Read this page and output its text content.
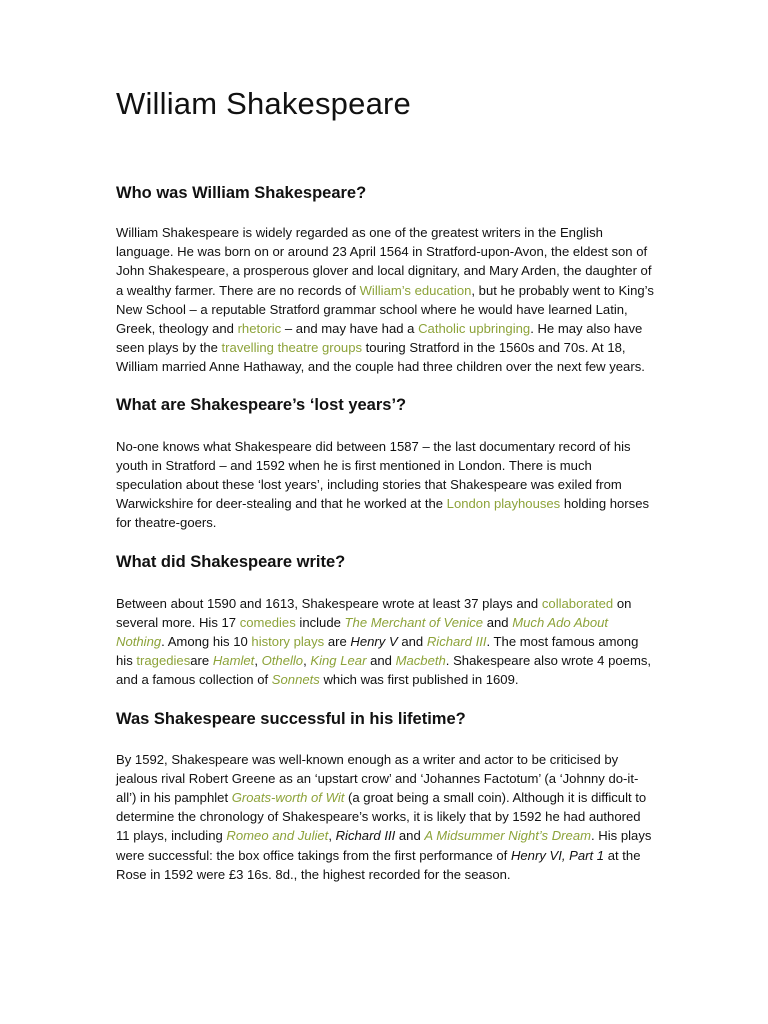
William Shakespeare
Who was William Shakespeare?

William Shakespeare is widely regarded as one of the greatest writers in the English language. He was born on or around 23 April 1564 in Stratford-upon-Avon, the eldest son of John Shakespeare, a prosperous glover and local dignitary, and Mary Arden, the daughter of a wealthy farmer. There are no records of William’s education, but he probably went to King’s New School – a reputable Stratford grammar school where he would have learned Latin, Greek, theology and rhetoric – and may have had a Catholic upbringing. He may also have seen plays by the travelling theatre groups touring Stratford in the 1560s and 70s. At 18, William married Anne Hathaway, and the couple had three children over the next few years.

What are Shakespeare’s ‘lost years’?

No-one knows what Shakespeare did between 1587 – the last documentary record of his youth in Stratford – and 1592 when he is first mentioned in London. There is much speculation about these ‘lost years’, including stories that Shakespeare was exiled from Warwickshire for deer-stealing and that he worked at the London playhouses holding horses for theatre-goers.

What did Shakespeare write?

Between about 1590 and 1613, Shakespeare wrote at least 37 plays and collaborated on several more. His 17 comedies include The Merchant of Venice and Much Ado About Nothing. Among his 10 history plays are Henry V and Richard III. The most famous among his tragediesare Hamlet, Othello, King Lear and Macbeth. Shakespeare also wrote 4 poems, and a famous collection of Sonnets which was first published in 1609.

Was Shakespeare successful in his lifetime?

By 1592, Shakespeare was well-known enough as a writer and actor to be criticised by jealous rival Robert Greene as an ‘upstart crow’ and ‘Johannes Factotum’ (a ‘Johnny do-it-all’) in his pamphlet Groats-worth of Wit (a groat being a small coin). Although it is difficult to determine the chronology of Shakespeare’s works, it is likely that by 1592 he had authored 11 plays, including Romeo and Juliet, Richard III and A Midsummer Night’s Dream. His plays were successful: the box office takings from the first performance of Henry VI, Part 1 at the Rose in 1592 were £3 16s. 8d., the highest recorded for the season.
